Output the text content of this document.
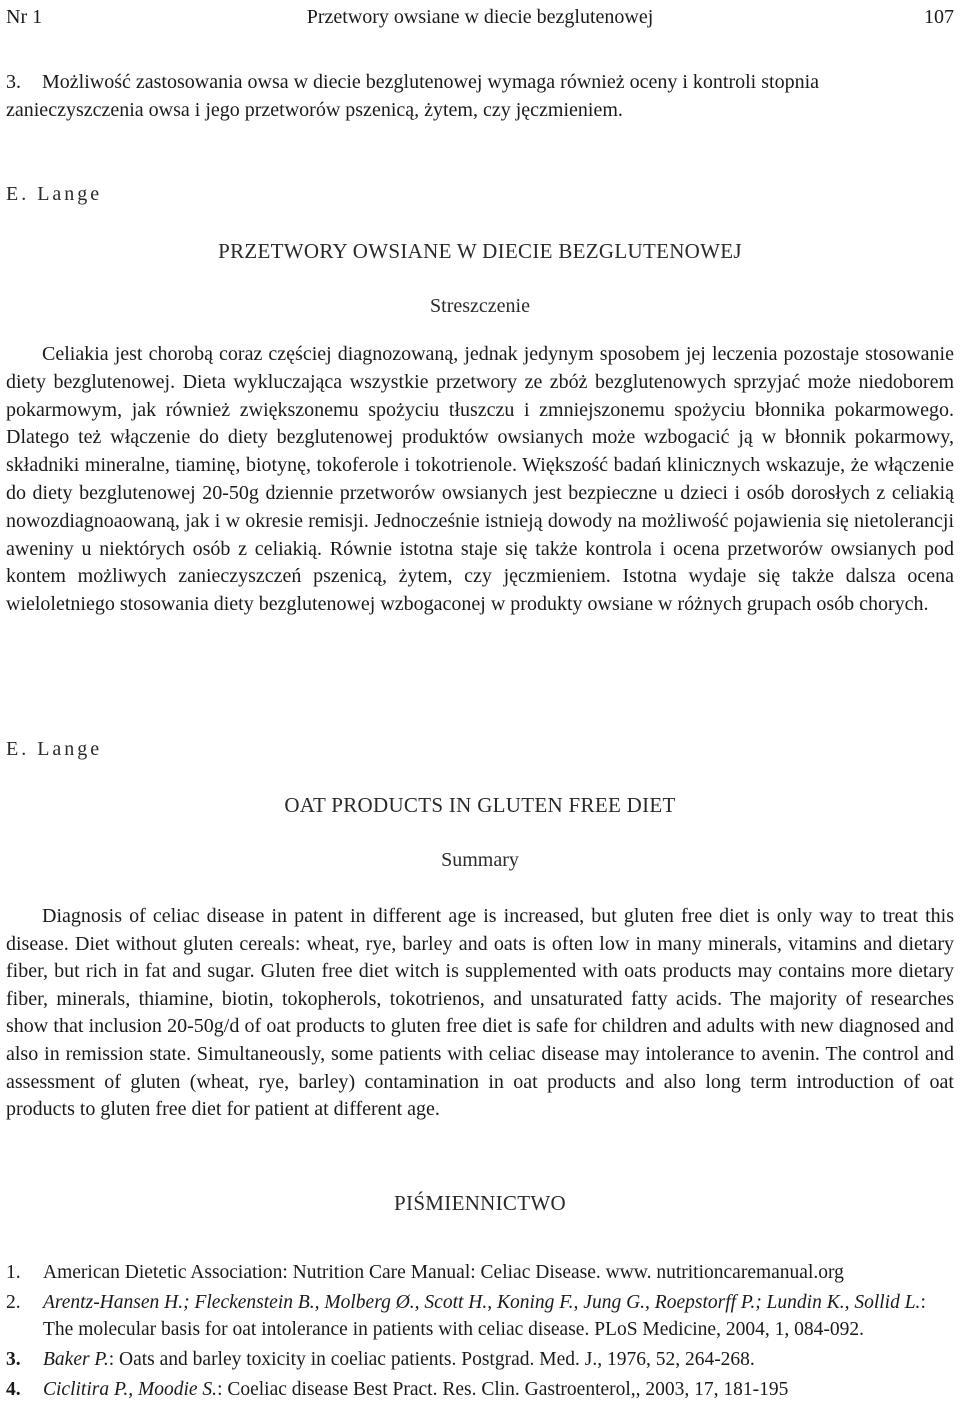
Nr 1	Przetwory owsiane w diecie bezglutenowej	107
3. Możliwość zastosowania owsa w diecie bezglutenowej wymaga również oceny i kontroli stopnia zanieczyszczenia owsa i jego przetworów pszenicą, żytem, czy jęczmieniem.
E. Lange
PRZETWORY OWSIANE W DIECIE BEZGLUTENOWEJ
Streszczenie
Celiakia jest chorobą coraz częściej diagnozowaną, jednak jedynym sposobem jej leczenia pozostaje stosowanie diety bezglutenowej. Dieta wykluczająca wszystkie przetwory ze zbóż bezglutenowych sprzyjać może niedoborem pokarmowym, jak również zwiększonemu spożyciu tłuszczu i zmniejszonemu spożyciu błonnika pokarmowego. Dlatego też włączenie do diety bezglutenowej produktów owsianych może wzbogacić ją w błonnik pokarmowy, składniki mineralne, tiaminę, biotynę, tokoferole i tokotrienole. Większość badań klinicznych wskazuje, że włączenie do diety bezglutenowej 20-50g dziennie przetworów owsianych jest bezpieczne u dzieci i osób dorosłych z celiakią nowozdiagnoaowaną, jak i w okresie remisji. Jednocześnie istnieją dowody na możliwość pojawienia się nietolerancji aweniny u niektórych osób z celiakią. Równie istotna staje się także kontrola i ocena przetworów owsianych pod kontem możliwych zanieczyszczeń pszenicą, żytem, czy jęczmieniem. Istotna wydaje się także dalsza ocena wieloletniego stosowania diety bezglutenowej wzbogaconej w produkty owsiane w różnych grupach osób chorych.
E. Lange
OAT PRODUCTS IN GLUTEN FREE DIET
Summary
Diagnosis of celiac disease in patent in different age is increased, but gluten free diet is only way to treat this disease. Diet without gluten cereals: wheat, rye, barley and oats is often low in many minerals, vitamins and dietary fiber, but rich in fat and sugar. Gluten free diet witch is supplemented with oats products may contains more dietary fiber, minerals, thiamine, biotin, tokopherols, tokotrienos, and unsaturated fatty acids. The majority of researches show that inclusion 20-50g/d of oat products to gluten free diet is safe for children and adults with new diagnosed and also in remission state. Simultaneously, some patients with celiac disease may intolerance to avenin. The control and assessment of gluten (wheat, rye, barley) contamination in oat products and also long term introduction of oat products to gluten free diet for patient at different age.
PIŚMIENNICTWO
1. American Dietetic Association: Nutrition Care Manual: Celiac Disease. www. nutritioncaremanual.org
2. Arentz-Hansen H.; Fleckenstein B., Molberg Ø., Scott H., Koning F., Jung G., Roepstorff P.; Lundin K., Sollid L.: The molecular basis for oat intolerance in patients with celiac disease. PLoS Medicine, 2004, 1, 084-092.
3. Baker P.: Oats and barley toxicity in coeliac patients. Postgrad. Med. J., 1976, 52, 264-268.
4. Ciclitira P., Moodie S.: Coeliac disease Best Pract. Res. Clin. Gastroenterol,, 2003, 17, 181-195
